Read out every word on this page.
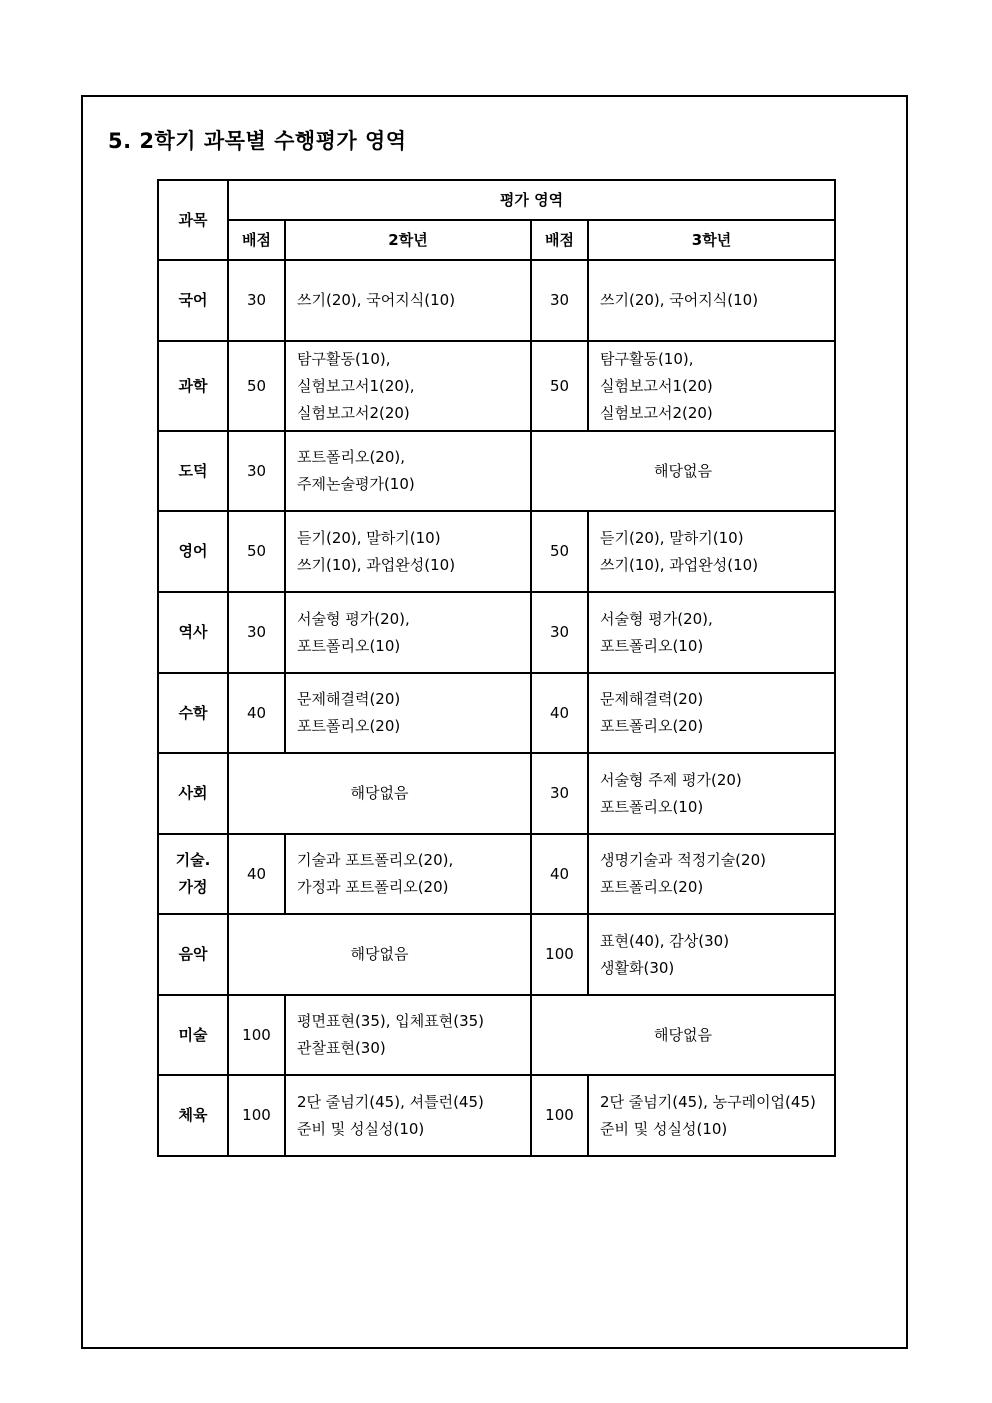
5. 2학기 과목별 수행평가 영역
과목	평가 영역			
	배점	2학년	배점	3학년

국어	30	쓰기(20), 국어지식(10)	30	쓰기(20), 국어지식(10)

과학	50	탐구활동(10),
실험보고서1(20),
실험보고서2(20)	50	탐구활동(10),
실험보고서1(20)
실험보고서2(20)

도덕	30	포트폴리오(20),
주제논술평가(10)	해당없음	

영어	50	듣기(20), 말하기(10)
쓰기(10), 과업완성(10)	50	듣기(20), 말하기(10)
쓰기(10), 과업완성(10)

역사	30	서술형 평가(20),
포트폴리오(10)	30	서술형 평가(20),
포트폴리오(10)

수학	40	문제해결력(20)
포트폴리오(20)	40	문제해결력(20)
포트폴리오(20)

사회	해당없음		30	서술형 주제 평가(20)
포트폴리오(10)

기술.
가정	40	기술과 포트폴리오(20),
가정과 포트폴리오(20)	40	생명기술과 적정기술(20)
포트폴리오(20)

음악	해당없음		100	표현(40), 감상(30)
생활화(30)

미술	100	평면표현(35), 입체표현(35)
관찰표현(30)	해당없음	

체육	100	2단 줄넘기(45), 셔틀런(45)
준비 및 성실성(10)	100	2단 줄넘기(45), 농구레이업(45)
준비 및 성실성(10)
